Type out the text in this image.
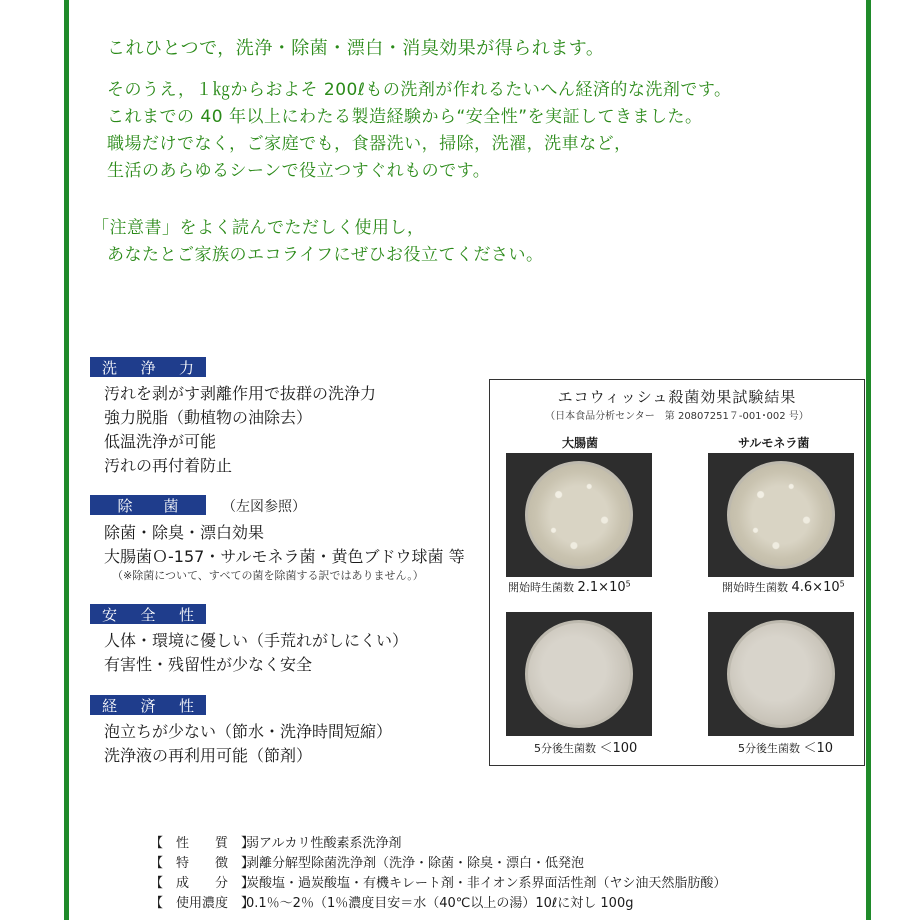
これひとつで，洗浄・除菌・漂白・消臭効果が得られます。
そのうえ，１㎏からおよそ 200ℓもの洗剤が作れるたいへん経済的な洗剤です。
これまでの 40 年以上にわたる製造経験から“安全性”を実証してきました。
職場だけでなく，ご家庭でも，食器洗い，掃除，洗濯，洗車など，
生活のあらゆるシーンで役立つすぐれものです。
「注意書」をよく読んでただしく使用し，
あなたとご家族のエコライフにぜひお役立てください。
洗 浄 力
汚れを剥がす剥離作用で抜群の洗浄力
強力脱脂（動植物の油除去）
低温洗浄が可能
汚れの再付着防止
除 菌	（左図参照）
除菌・除臭・漂白効果
大腸菌Ｏ-157・サルモネラ菌・黄色ブドウ球菌 等
（※除菌について、すべての菌を除菌する訳ではありません。）
安 全 性
人体・環境に優しい（手荒れがしにくい）
有害性・残留性が少なく安全
経 済 性
泡立ちが少ない（節水・洗浄時間短縮）
洗浄液の再利用可能（節剤）
エコウィッシュ殺菌効果試験結果
（日本食品分析センター　第 20807251７-001･002 号）
大腸菌	サルモネラ菌
開始時生菌数 $2.1\times 10^5$	開始時生菌数 $4.6\times 10^5$
5分後生菌数 ＜100	5分後生菌数 ＜10
【　性　　質　】弱アルカリ性酸素系洗浄剤
【　特　　徴　】剥離分解型除菌洗浄剤（洗浄・除菌・除臭・漂白・低発泡
【　成　　分　】炭酸塩・過炭酸塩・有機キレート剤・非イオン系界面活性剤（ヤシ油天然脂肪酸）
【　使用濃度　】0.1％～2％（1％濃度目安＝水（40℃以上の湯）10ℓに対し 100g
